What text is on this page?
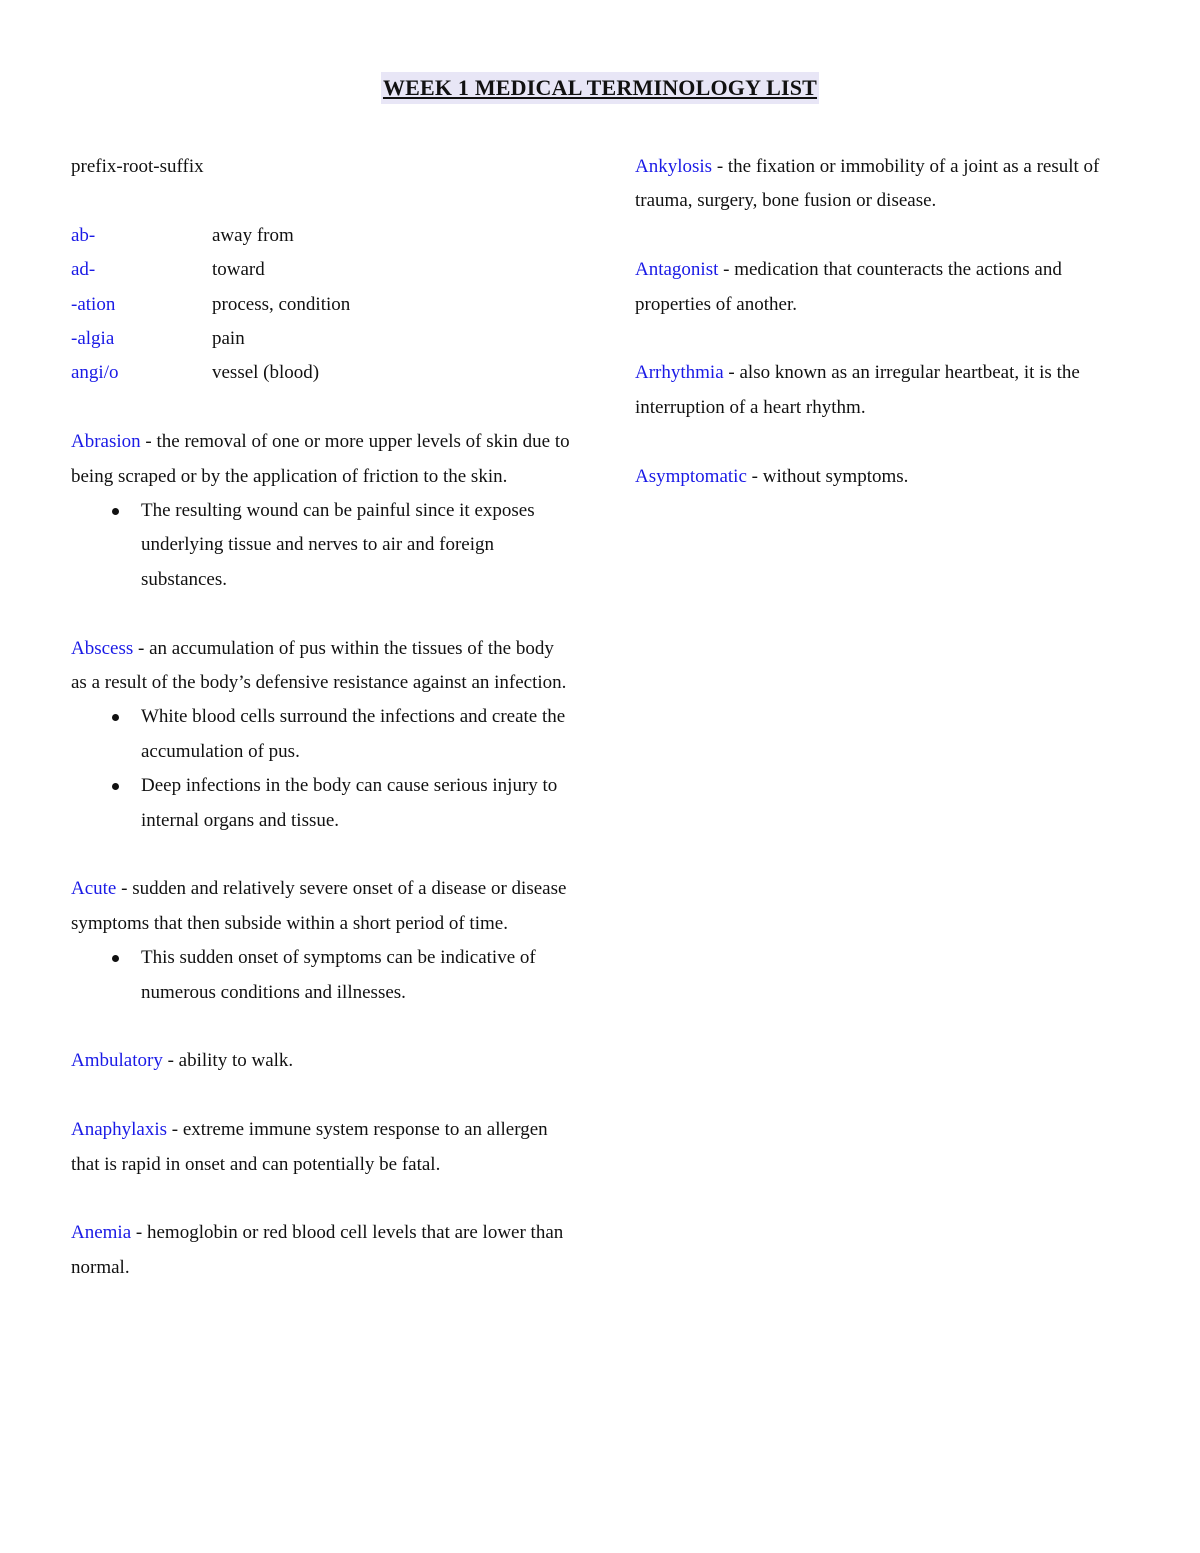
WEEK 1 MEDICAL TERMINOLOGY LIST

prefix-root-suffix

ab-	away from
ad-	toward
-ation	process, condition
-algia	pain
angi/o	vessel (blood)

Abrasion - the removal of one or more upper levels of skin due to being scraped or by the application of friction to the skin.

The resulting wound can be painful since it exposes underlying tissue and nerves to air and foreign substances.

Abscess - an accumulation of pus within the tissues of the body as a result of the body’s defensive resistance against an infection.

White blood cells surround the infections and create the accumulation of pus.
Deep infections in the body can cause serious injury to internal organs and tissue.

Acute - sudden and relatively severe onset of a disease or disease symptoms that then subside within a short period of time.

This sudden onset of symptoms can be indicative of numerous conditions and illnesses.

Ambulatory - ability to walk.

Anaphylaxis - extreme immune system response to an allergen that is rapid in onset and can potentially be fatal.

Anemia - hemoglobin or red blood cell levels that are lower than normal.

Ankylosis - the fixation or immobility of a joint as a result of trauma, surgery, bone fusion or disease.

Antagonist - medication that counteracts the actions and properties of another.

Arrhythmia - also known as an irregular heartbeat, it is the interruption of a heart rhythm.

Asymptomatic - without symptoms.
